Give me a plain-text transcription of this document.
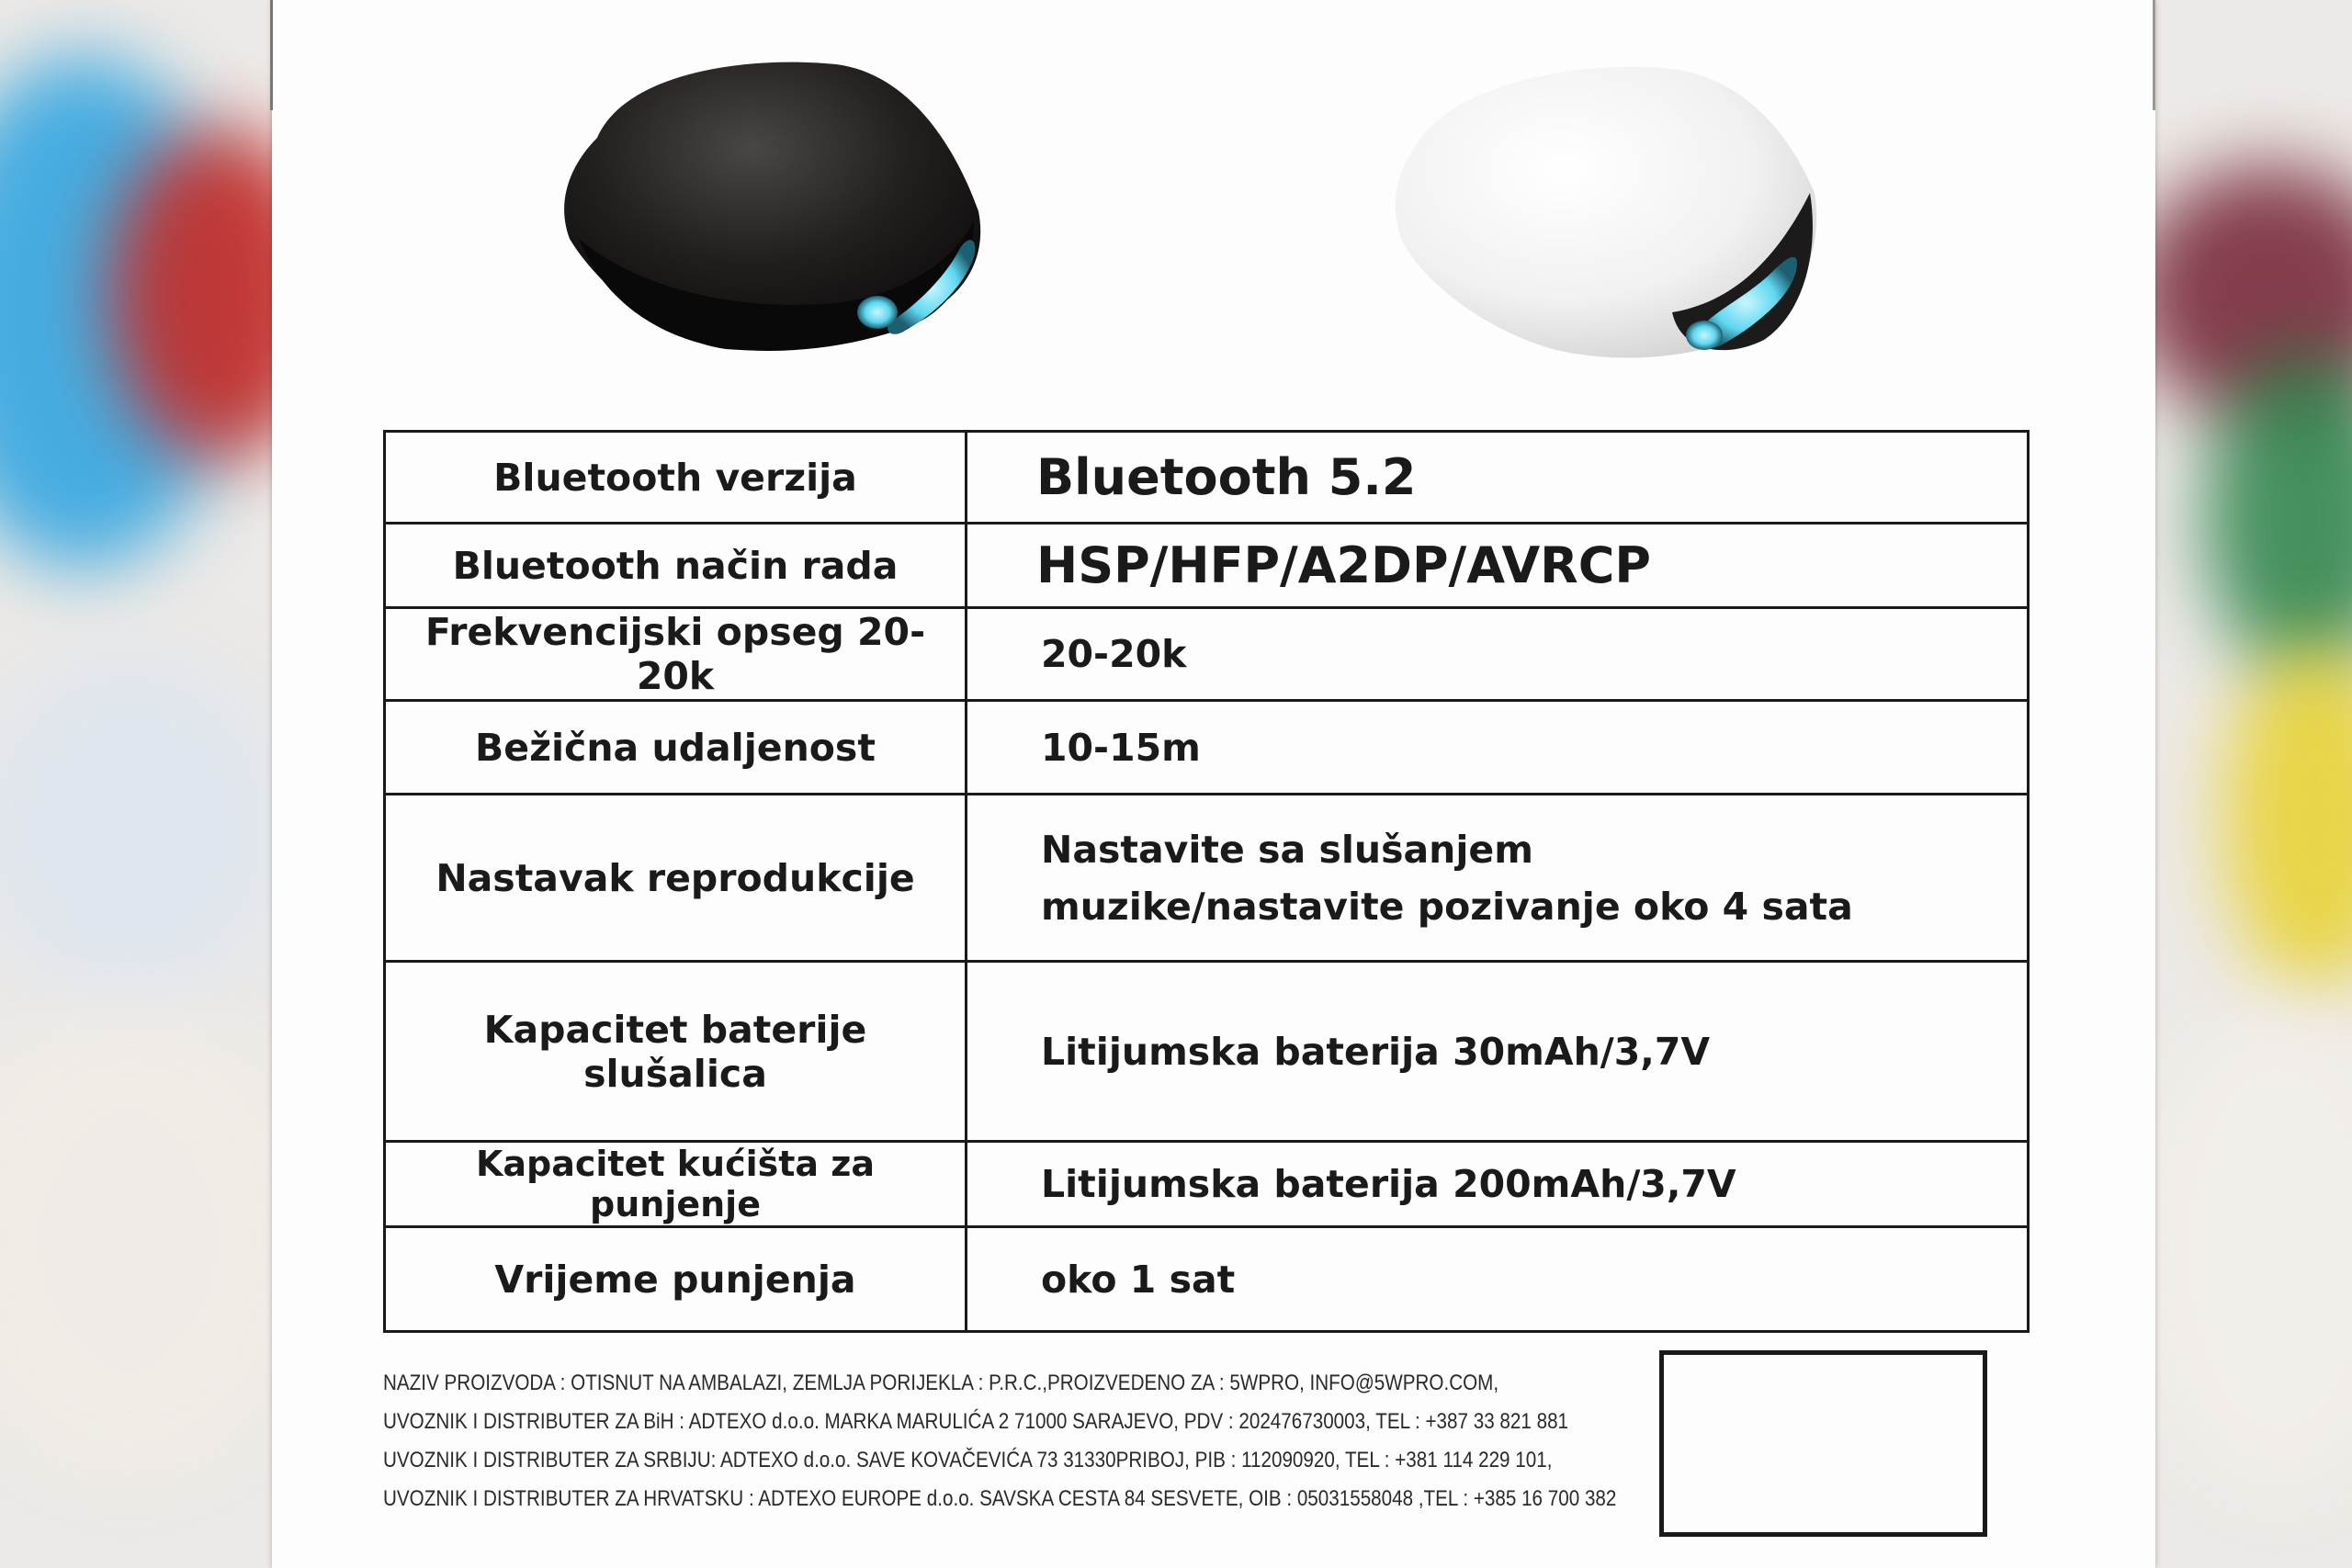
Bluetooth verzija	Bluetooth 5.2
Bluetooth način rada	HSP/HFP/A2DP/AVRCP
Frekvencijski opseg 20-20k	20-20k
Bežična udaljenost	10-15m
Nastavak reprodukcije	Nastavite sa slušanjem
muzike/nastavite pozivanje oko 4 sata

Kapacitet baterije slušalica	Litijumska baterija 30mAh/3,7V
Kapacitet kućišta za punjenje	Litijumska baterija 200mAh/3,7V
Vrijeme punjenja	oko 1 sat
NAZIV PROIZVODA : OTISNUT NA AMBALAZI, ZEMLJA PORIJEKLA : P.R.C.,PROIZVEDENO ZA : 5WPRO, INFO@5WPRO.COM,
UVOZNIK I DISTRIBUTER ZA BiH : ADTEXO d.o.o. MARKA MARULIĆA 2 71000 SARAJEVO, PDV : 202476730003, TEL : +387 33 821 881
UVOZNIK I DISTRIBUTER ZA SRBIJU: ADTEXO d.o.o. SAVE KOVAČEVIĆA 73 31330PRIBOJ, PIB : 112090920, TEL : +381 114 229 101,
UVOZNIK I DISTRIBUTER ZA HRVATSKU : ADTEXO EUROPE d.o.o. SAVSKA CESTA 84 SESVETE, OIB : 05031558048 ,TEL : +385 16 700 382
